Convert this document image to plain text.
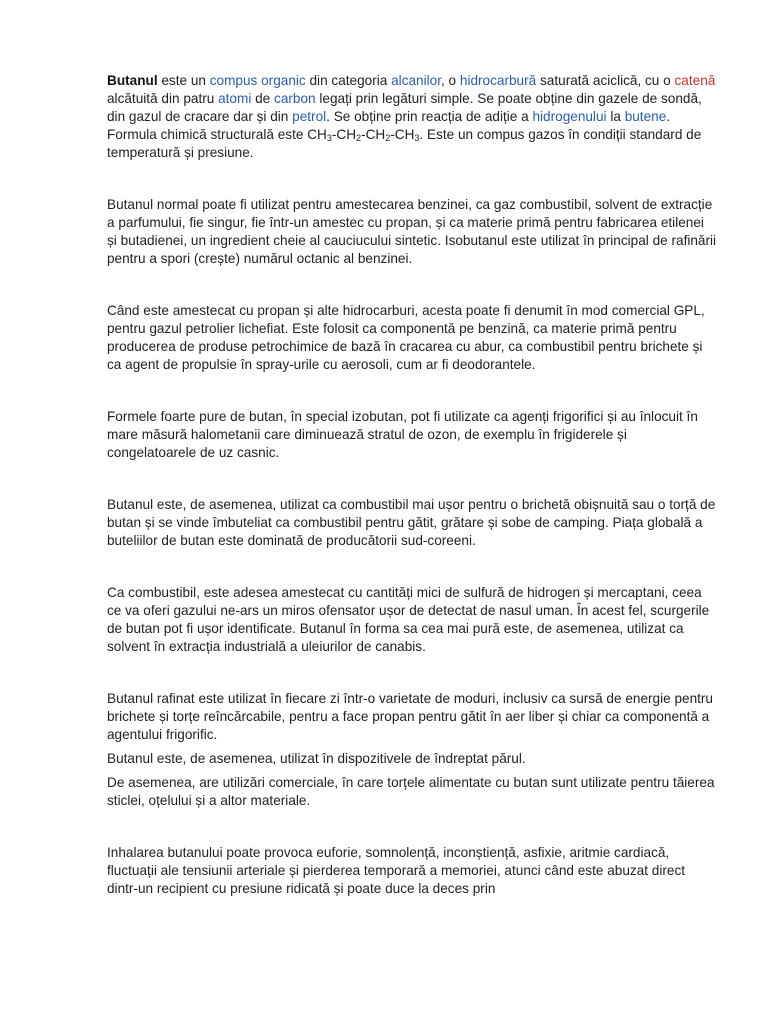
Butanul este un compus organic din categoria alcanilor, o hidrocarbură saturată aciclică, cu o catenă alcătuită din patru atomi de carbon legați prin legături simple. Se poate obține din gazele de sondă, din gazul de cracare dar și din petrol. Se obține prin reacția de adiție a hidrogenului la butene. Formula chimică structurală este $CH_3-CH_2-CH_2-CH_3$. Este un compus gazos în condiții standard de temperatură și presiune.

Butanul normal poate fi utilizat pentru amestecarea benzinei, ca gaz combustibil, solvent de extracție a parfumului, fie singur, fie într-un amestec cu propan, și ca materie primă pentru fabricarea etilenei și butadienei, un ingredient cheie al cauciucului sintetic. Isobutanul este utilizat în principal de rafinării pentru a spori (crește) numărul octanic al benzinei.

Când este amestecat cu propan și alte hidrocarburi, acesta poate fi denumit în mod comercial GPL, pentru gazul petrolier lichefiat. Este folosit ca componentă pe benzină, ca materie primă pentru producerea de produse petrochimice de bază în cracarea cu abur, ca combustibil pentru brichete și ca agent de propulsie în spray-urile cu aerosoli, cum ar fi deodorantele.

Formele foarte pure de butan, în special izobutan, pot fi utilizate ca agenți frigorifici și au înlocuit în mare măsură halometanii care diminuează stratul de ozon, de exemplu în frigiderele și congelatoarele de uz casnic.

Butanul este, de asemenea, utilizat ca combustibil mai ușor pentru o brichetă obișnuită sau o torță de butan și se vinde îmbuteliat ca combustibil pentru gătit, grătare și sobe de camping. Piața globală a buteliilor de butan este dominată de producătorii sud-coreeni.

Ca combustibil, este adesea amestecat cu cantități mici de sulfură de hidrogen și mercaptani, ceea ce va oferi gazului ne-ars un miros ofensator ușor de detectat de nasul uman. În acest fel, scurgerile de butan pot fi ușor identificate. Butanul în forma sa cea mai pură este, de asemenea, utilizat ca solvent în extracția industrială a uleiurilor de canabis.

Butanul rafinat este utilizat în fiecare zi într-o varietate de moduri, inclusiv ca sursă de energie pentru brichete și torțe reîncărcabile, pentru a face propan pentru gătit în aer liber și chiar ca componentă a agentului frigorific.

Butanul este, de asemenea, utilizat în dispozitivele de îndreptat părul.

De asemenea, are utilizări comerciale, în care torțele alimentate cu butan sunt utilizate pentru tăierea sticlei, oțelului și a altor materiale.

Inhalarea butanului poate provoca euforie, somnolență, inconștiență, asfixie, aritmie cardiacă, fluctuații ale tensiunii arteriale și pierderea temporară a memoriei, atunci când este abuzat direct dintr-un recipient cu presiune ridicată și poate duce la deces prin
